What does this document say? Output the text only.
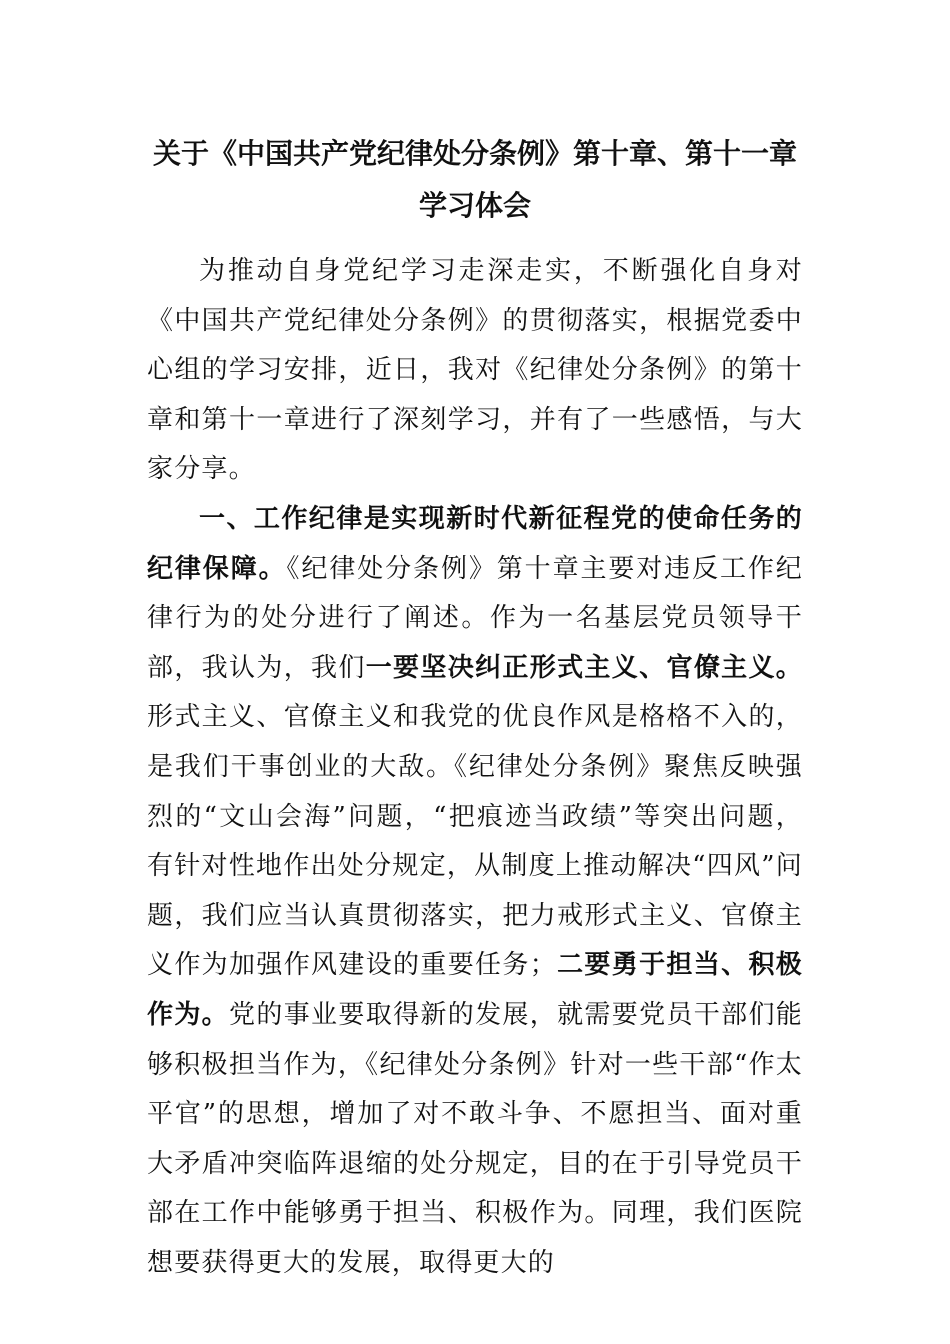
关于《中国共产党纪律处分条例》第十章、第十一章学习体会

为推动自身党纪学习走深走实，不断强化自身对《中国共产党纪律处分条例》的贯彻落实，根据党委中心组的学习安排，近日，我对《纪律处分条例》的第十章和第十一章进行了深刻学习，并有了一些感悟，与大家分享。

一、工作纪律是实现新时代新征程党的使命任务的纪律保障。《纪律处分条例》第十章主要对违反工作纪律行为的处分进行了阐述。作为一名基层党员领导干部，我认为，我们一要坚决纠正形式主义、官僚主义。形式主义、官僚主义和我党的优良作风是格格不入的，是我们干事创业的大敌。《纪律处分条例》聚焦反映强烈的“文山会海”问题，“把痕迹当政绩”等突出问题，有针对性地作出处分规定，从制度上推动解决“四风”问题，我们应当认真贯彻落实，把力戒形式主义、官僚主义作为加强作风建设的重要任务；二要勇于担当、积极作为。党的事业要取得新的发展，就需要党员干部们能够积极担当作为，《纪律处分条例》针对一些干部“作太平官”的思想，增加了对不敢斗争、不愿担当、面对重大矛盾冲突临阵退缩的处分规定，目的在于引导党员干部在工作中能够勇于担当、积极作为。同理，我们医院想要获得更大的发展，取得更大的
